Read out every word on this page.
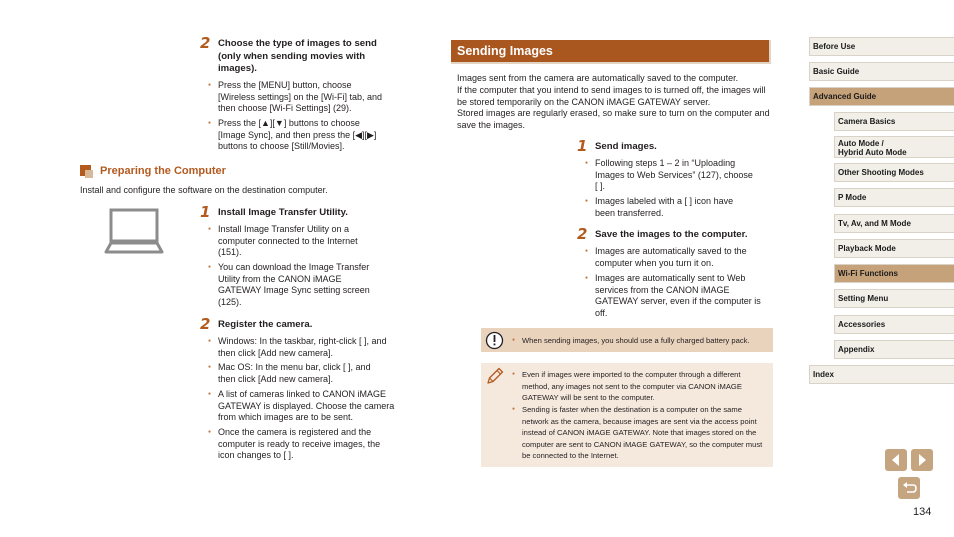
2 Choose the type of images to send (only when sending movies with images).
● Press the [MENU] button, choose [Wireless settings] on the [Wi-Fi] tab, and then choose [Wi-Fi Settings] (29).
● Press the [▲][▼] buttons to choose [Image Sync], and then press the [◀][▶] buttons to choose [Still/Movies].
Preparing the Computer
Install and configure the software on the destination computer.
1 Install Image Transfer Utility.
● Install Image Transfer Utility on a computer connected to the Internet (151).
● You can download the Image Transfer Utility from the CANON iMAGE GATEWAY Image Sync setting screen (125).
2 Register the camera.
● Windows: In the taskbar, right-click [ ], and then click [Add new camera].
● Mac OS: In the menu bar, click [ ], and then click [Add new camera].
● A list of cameras linked to CANON iMAGE GATEWAY is displayed. Choose the camera from which images are to be sent.
● Once the camera is registered and the computer is ready to receive images, the icon changes to [ ].
Sending Images
Images sent from the camera are automatically saved to the computer.
If the computer that you intend to send images to is turned off, the images will be stored temporarily on the CANON iMAGE GATEWAY server.
Stored images are regularly erased, so make sure to turn on the computer and save the images.
1 Send images.
● Following steps 1 – 2 in “Uploading Images to Web Services” (127), choose [ ].
● Images labeled with a [ ] icon have been transferred.
2 Save the images to the computer.
● Images are automatically saved to the computer when you turn it on.
● Images are automatically sent to Web services from the CANON iMAGE GATEWAY server, even if the computer is off.
● When sending images, you should use a fully charged battery pack.
● Even if images were imported to the computer through a different method, any images not sent to the computer via CANON iMAGE GATEWAY will be sent to the computer.
● Sending is faster when the destination is a computer on the same network as the camera, because images are sent via the access point instead of CANON iMAGE GATEWAY. Note that images stored on the computer are sent to CANON iMAGE GATEWAY, so the computer must be connected to the Internet.
Before Use
Basic Guide
Advanced Guide
Camera Basics
Auto Mode /
Hybrid Auto Mode
Other Shooting Modes
P Mode
Tv, Av, and M Mode
Playback Mode
Wi-Fi Functions
Setting Menu
Accessories
Appendix
Index
134
